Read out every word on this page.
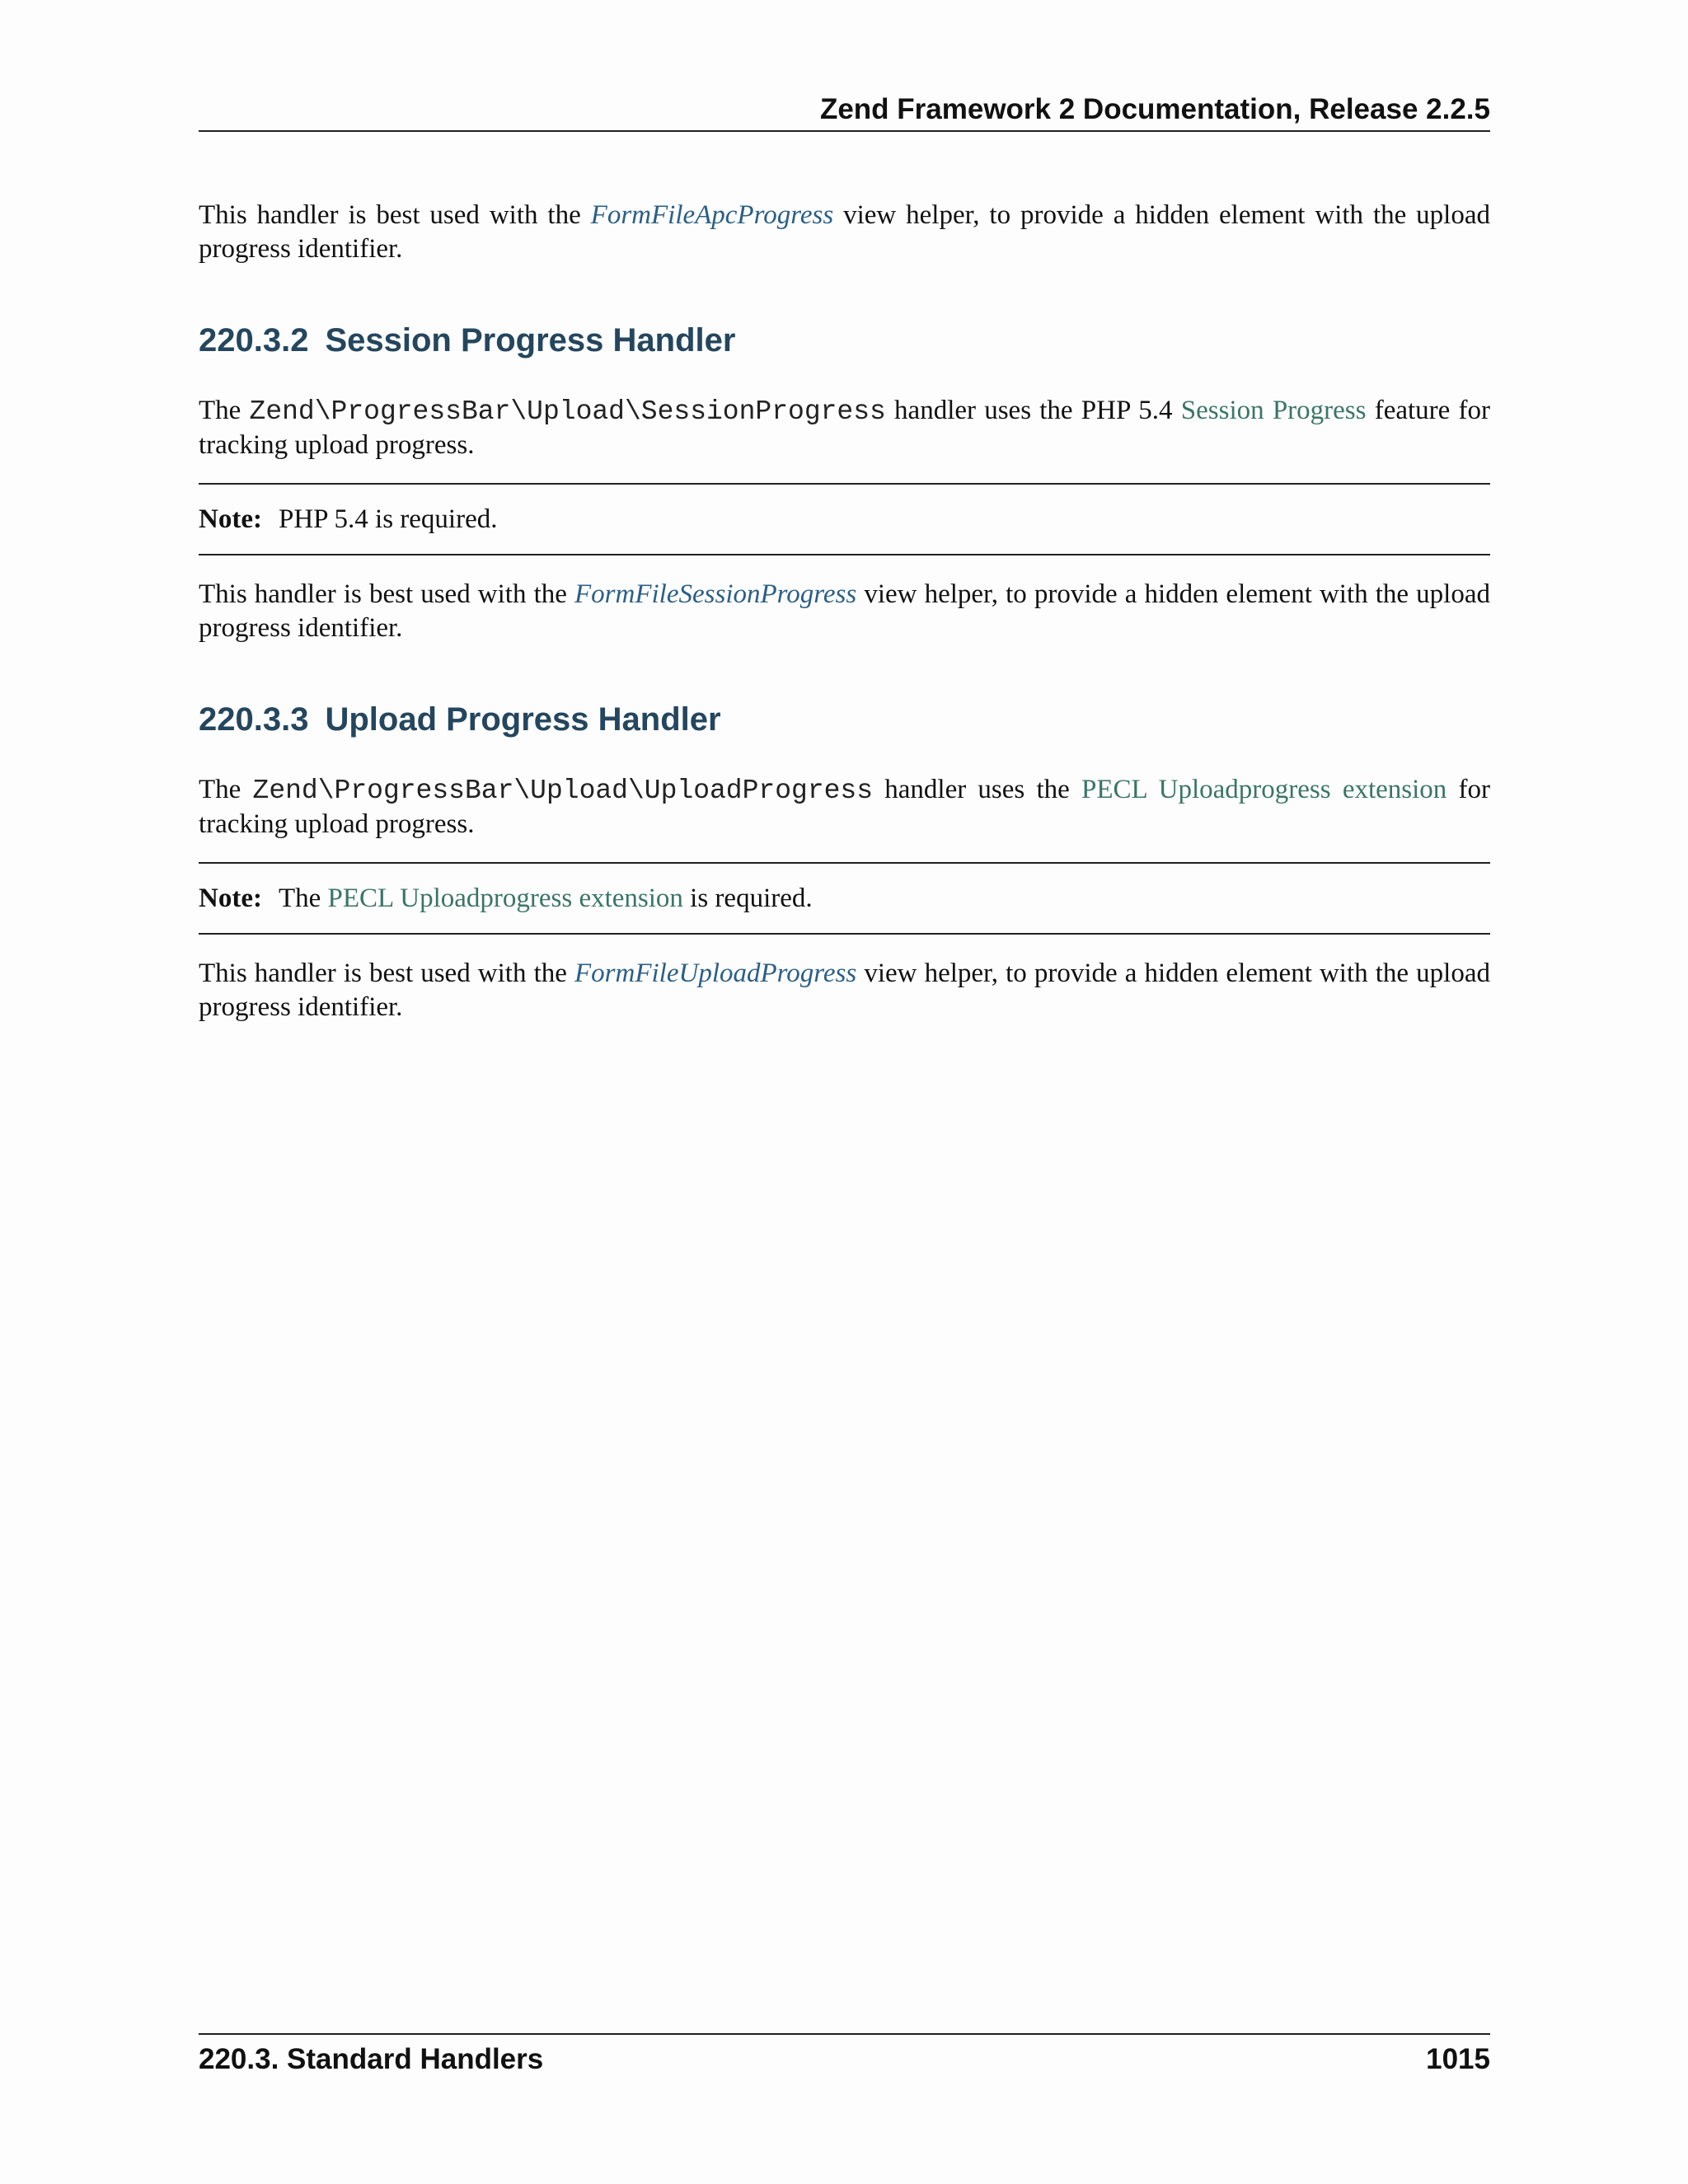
Zend Framework 2 Documentation, Release 2.2.5
This handler is best used with the FormFileApcProgress view helper, to provide a hidden element with the upload progress identifier.
220.3.2 Session Progress Handler
The Zend\ProgressBar\Upload\SessionProgress handler uses the PHP 5.4 Session Progress feature for tracking upload progress.
Note: PHP 5.4 is required.
This handler is best used with the FormFileSessionProgress view helper, to provide a hidden element with the upload progress identifier.
220.3.3 Upload Progress Handler
The Zend\ProgressBar\Upload\UploadProgress handler uses the PECL Uploadprogress extension for tracking upload progress.
Note: The PECL Uploadprogress extension is required.
This handler is best used with the FormFileUploadProgress view helper, to provide a hidden element with the upload progress identifier.
220.3. Standard Handlers	1015
